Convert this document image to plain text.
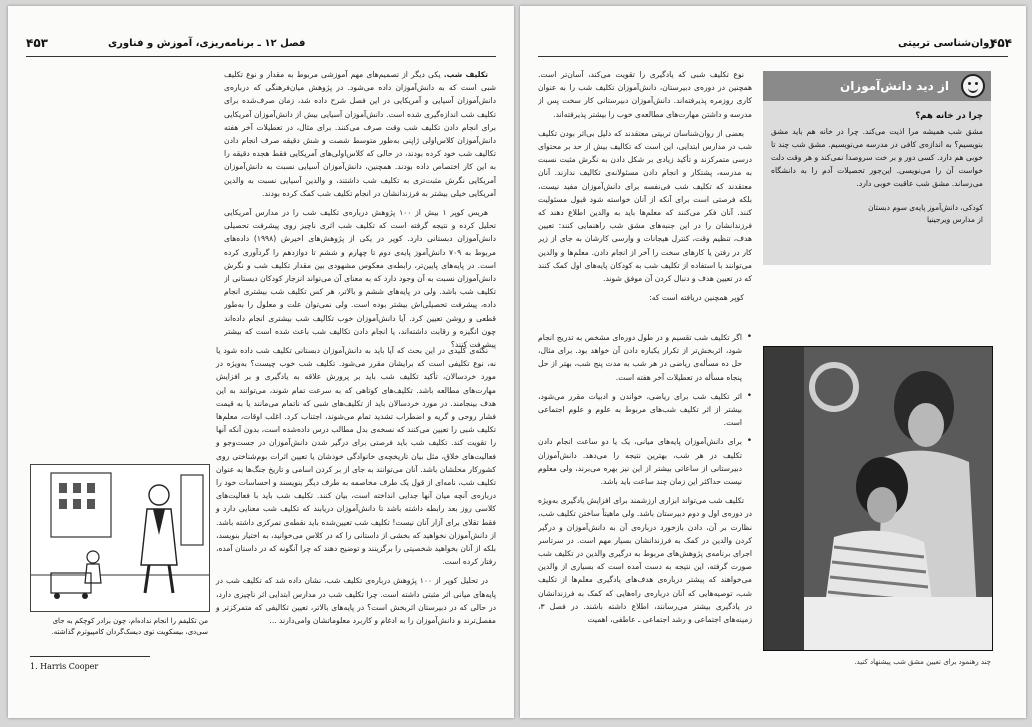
۴۵۳	فصل ۱۲ ـ برنامه‌ریزی، آموزش و فناوری

تکلیف شب. یکی دیگر از تصمیم‌های مهم آموزشی مربوط به مقدار و نوع تکلیف شبی است که به دانش‌آموزان داده می‌شود. در پژوهش میان‌فرهنگی که درباره‌ی دانش‌آموزان آسیایی و آمریکایی در این فصل شرح داده شد، زمان صرف‌شده برای تکلیف شب اندازه‌گیری شده است. دانش‌آموزان آسیایی بیش از دانش‌آموزان آمریکایی برای انجام دادن تکلیف شب وقت صرف می‌کنند. برای مثال، در تعطیلات آخر هفته دانش‌آموزان کلاس‌اولی ژاپنی به‌طور متوسط شصت و شش دقیقه صرف انجام دادن تکالیف شب خود کرده بودند، در حالی که کلاس‌اولی‌های آمریکایی فقط هجده دقیقه را به این کار اختصاص داده بودند. همچنین، دانش‌آموزان آسیایی نسبت به دانش‌آموزان آمریکایی نگرش مثبت‌تری به تکلیف شب داشتند، و والدین آسیایی نسبت به والدین آمریکایی خیلی بیشتر به فرزندانشان در انجام تکلیف شب کمک کرده بودند.

هریس کوپر ۱ بیش از ۱۰۰ پژوهش درباره‌ی تکلیف شب را در مدارس آمریکایی تحلیل کرده و نتیجه گرفته است که تکلیف شب اثری ناچیز روی پیشرفت تحصیلی دانش‌آموزان دبستانی دارد. کوپر در یکی از پژوهش‌های اخیرش (۱۹۹۸) داده‌های مربوط به ۷۰۹ دانش‌آموز پایه‌ی دوم تا چهارم و ششم تا دوازدهم را گردآوری کرده است. در پایه‌های پایین‌تر، رابطه‌ی معکوس مشهودی بین مقدار تکلیف شب و نگرش دانش‌آموزان نسبت به آن وجود دارد که به معنای آن می‌تواند انزجار کودکان دبستانی از تکلیف شب باشد. ولی در پایه‌های ششم و بالاتر، هر کس تکلیف شب بیشتری انجام داده، پیشرفت تحصیلی‌اش بیشتر بوده است. ولی نمی‌توان علت و معلول را به‌طور قطعی و روشن تعیین کرد. آیا دانش‌آموزان خوب تکالیف شب بیشتری انجام داده‌اند چون انگیزه و رقابت داشته‌اند، یا انجام دادن تکالیف شب باعث شده است که بیشتر پیشرفت کنند؟

نکته‌ی کلیدی در این بحث که آیا باید به دانش‌آموزان دبستانی تکلیف شب داده شود یا نه، نوع تکلیفی است که برایشان مقرر می‌شود. تکلیف شب خوب چیست؟ به‌ویژه در مورد خردسالان، تأکید تکلیف شب باید بر پرورش علاقه به یادگیری و بر افزایش مهارت‌های مطالعه باشد. تکلیف‌های کوتاهی که به سرعت تمام شوند، می‌توانند به این هدف بینجامند. در مورد خردسالان باید از تکلیف‌های شبی که ناتمام می‌مانند یا به قیمت فشار روحی و گریه و اضطراب تشدید تمام می‌شوند، اجتناب کرد. اغلب اوقات، معلم‌ها تکلیف شبی را تعیین می‌کنند که نسخه‌ی بدل مطالب درس داده‌شده است، بدون آنکه آنها را تقویت کند. تکلیف شب باید فرصتی برای درگیر شدن دانش‌آموزان در جست‌وجو و فعالیت‌های خلاق، مثل بیان تاریخچه‌ی خانوادگی خودشان یا تعیین اثرات بوم‌شناختی روی کشورکار محلشان باشد. آنان می‌توانند به جای از بر کردن اسامی و تاریخ جنگ‌ها به عنوان تکلیف شب، نامه‌ای از قول یک طرف مخاصمه به طرف دیگر بنویسند و احساسات خود را درباره‌ی آنچه میان آنها جدایی انداخته است، بیان کنند. تکلیف شب باید با فعالیت‌های کلاسی روز بعد رابطه داشته باشد تا دانش‌آموزان دریابند که تکلیف شب معنایی دارد و فقط تقلای برای آزار آنان نیست! تکلیف شب تعیین‌شده باید نقطه‌ی تمرکزی داشته باشد. از دانش‌آموزان نخواهید که بخشی از داستانی را که در کلاس می‌خوانید، به اختیار بنویسد، بلکه از آنان بخواهید شخصیتی را برگزینند و توضیح دهند که چرا آنگونه که در داستان آمده، رفتار کرده است.

در تحلیل کوپر از ۱۰۰ پژوهش درباره‌ی تکلیف شب، نشان داده شد که تکلیف شب در پایه‌های میانی اثر مثبتی داشته است. چرا تکلیف شب در مدارس ابتدایی اثر ناچیزی دارد، در حالی که در دبیرستان اثربخش است؟ در پایه‌های بالاتر، تعیین تکالیفی که متمرکزتر و مفصل‌ترند و دانش‌آموزان را به ادغام و کاربرد معلوماتشان وامی‌دارند ...

من تکلیفم را انجام نداده‌ام، چون برادر کوچکم به جای سی‌دی، بیسکویت توی دیسک‌گردان کامپیوترم گذاشته.
1. Harris Cooper
۴۵۴
روان‌شناسی تربیتی
از دید دانش‌آموزان
چرا در خانه هم؟
مشق شب همیشه مرا اذیت می‌کند. چرا در خانه هم باید مشق بنویسیم؟ به اندازه‌ی کافی در مدرسه می‌نویسیم. مشق شب چند تا خوبی هم دارد. کسی دور و بر خت سروصدا نمی‌کند و هر وقت دلت خواست آن را می‌نویسی. این‌جور تحصیلات آدم را به دانشگاه می‌رساند. مشق شب عاقبت خوبی دارد.
کودکی، دانش‌آموز پایه‌ی سوم دبستان
از مدارس ویرجینیا

نوع تکلیف شبی که یادگیری را تقویت می‌کند، آسان‌تر است. همچنین در دوره‌ی دبیرستان، دانش‌آموزان تکلیف شب را به عنوان کاری روزمره پذیرفته‌اند. دانش‌آموزان دبیرستانی کار سخت پس از مدرسه و داشتن مهارت‌های مطالعه‌ی خوب را بیشتر پذیرفته‌اند.

بعضی از روان‌شناسان تربیتی معتقدند که دلیل بی‌اثر بودن تکلیف شب در مدارس ابتدایی، این است که تکالیف بیش از حد بر محتوای درسی متمرکزند و تأکید زیادی بر شکل دادن به نگرش مثبت نسبت به مدرسه، پشتکار و انجام دادن مسئولانه‌ی تکالیف ندارند. آنان معتقدند که تکلیف شب فی‌نفسه برای دانش‌آموزان مفید نیست، بلکه فرصتی است برای آنکه از آنان خواسته شود قبول مسئولیت کنند. آنان فکر می‌کنند که معلم‌ها باید به والدین اطلاع دهند که فرزندانشان را در این جنبه‌های مشق شب راهنمایی کنند: تعیین هدف، تنظیم وقت، کنترل هیجانات و وارسی کارشان به جای از زیر کار در رفتن یا کارهای سخت را آخر از انجام دادن. معلم‌ها و والدین می‌توانند با استفاده از تکلیف شب به کودکان پایه‌های اول کمک کنند که در تعیین هدف و دنبال کردن آن موفق شوند.

کوپر همچنین دریافته است که:

• اگر تکلیف شب تقسیم و در طول دوره‌ای مشخص به تدریج انجام شود، اثربخش‌تر از تکرار یکباره دادن آن خواهد بود. برای مثال، حل ده مسأله‌ی ریاضی در هر شب به مدت پنج شب، بهتر از حل پنجاه مسأله در تعطیلات آخر هفته است.
• اثر تکلیف شب برای ریاضی، خواندن و ادبیات مقرر می‌شود، بیشتر از اثر تکلیف شب‌های مربوط به علوم و علوم اجتماعی است.
• برای دانش‌آموزان پایه‌های میانی، یک یا دو ساعت انجام دادن تکلیف در هر شب، بهترین نتیجه را می‌دهد. دانش‌آموزان دبیرستانی از ساعاتی بیشتر از این نیز بهره می‌برند، ولی معلوم نیست حداکثر این زمان چند ساعت باید باشد.

تکلیف شب می‌تواند ابزاری ارزشمند برای افزایش یادگیری به‌ویژه در دوره‌ی اول و دوم دبیرستان باشد. ولی ماهیتاً ساختن تکلیف شب، نظارت بر آن، دادن بازخورد درباره‌ی آن به دانش‌آموزان و درگیر کردن والدین در کمک به فرزندانشان بسیار مهم است. در سرتاسر اجرای برنامه‌ی پژوهش‌های مربوط به درگیری والدین در تکلیف شب صورت گرفته، این نتیجه به دست آمده است که بسیاری از والدین می‌خواهند که پیشتر درباره‌ی هدف‌های یادگیری معلم‌ها از تکلیف شب، توصیه‌هایی که آنان درباره‌ی راه‌هایی که کمک به فرزندانشان در یادگیری بیشتر می‌رسانند، اطلاع داشته باشند. در فصل ۳، زمینه‌های اجتماعی و رشد اجتماعی ـ عاطفی، اهمیت

چند رهنمود برای تعیین مشق شب پیشنهاد کنید.
